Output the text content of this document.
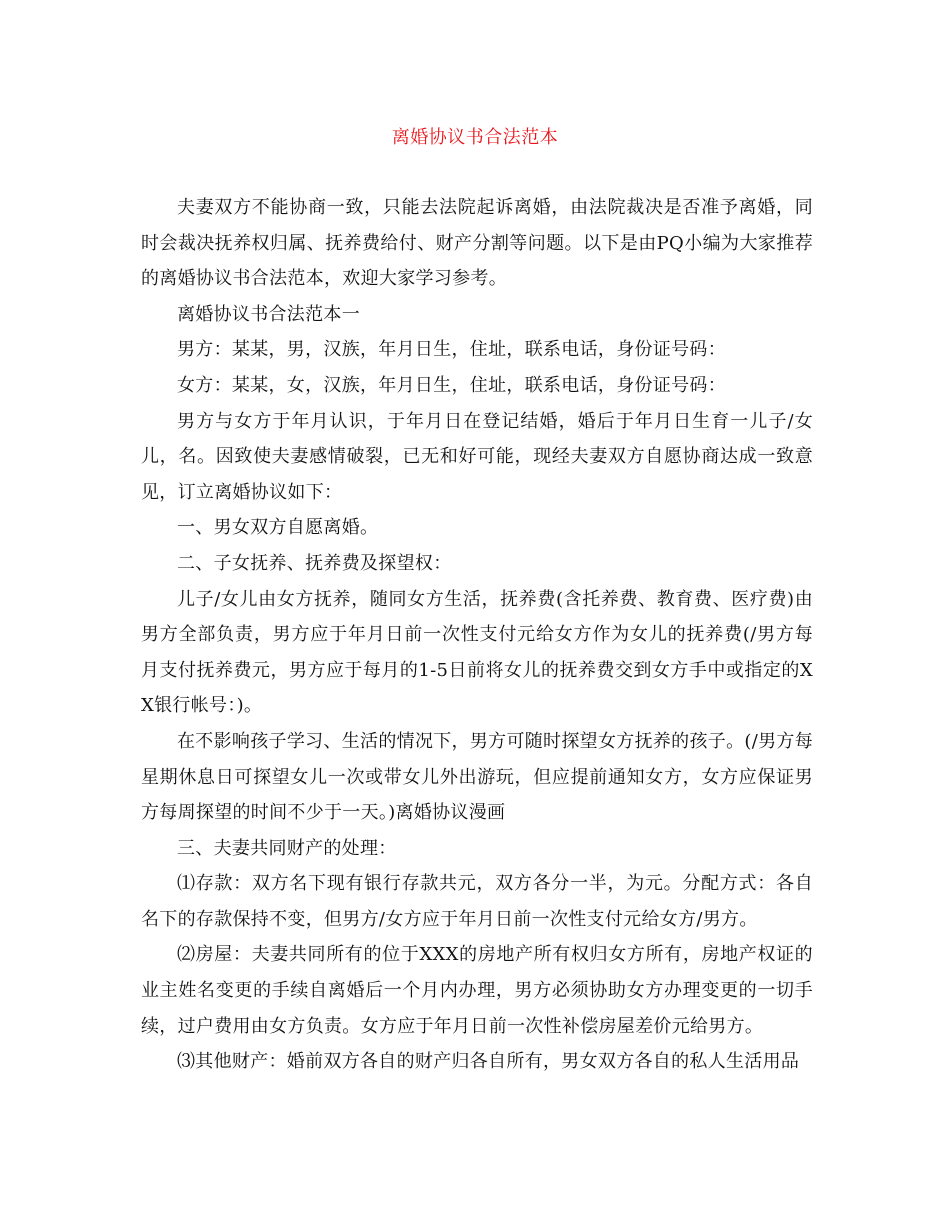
离婚协议书合法范本

夫妻双方不能协商一致，只能去法院起诉离婚，由法院裁决是否准予离婚，同时会裁决抚养权归属、抚养费给付、财产分割等问题。以下是由PQ小编为大家推荐的离婚协议书合法范本，欢迎大家学习参考。

离婚协议书合法范本一

男方：某某，男，汉族，年月日生，住址，联系电话，身份证号码：

女方：某某，女，汉族，年月日生，住址，联系电话，身份证号码：

男方与女方于年月认识，于年月日在登记结婚，婚后于年月日生育一儿子/女儿，名。因致使夫妻感情破裂，已无和好可能，现经夫妻双方自愿协商达成一致意见，订立离婚协议如下：

一、男女双方自愿离婚。

二、子女抚养、抚养费及探望权：

儿子/女儿由女方抚养，随同女方生活，抚养费(含托养费、教育费、医疗费)由男方全部负责，男方应于年月日前一次性支付元给女方作为女儿的抚养费(/男方每月支付抚养费元，男方应于每月的1-5日前将女儿的抚养费交到女方手中或指定的XX银行帐号：)。

在不影响孩子学习、生活的情况下，男方可随时探望女方抚养的孩子。(/男方每星期休息日可探望女儿一次或带女儿外出游玩，但应提前通知女方，女方应保证男方每周探望的时间不少于一天。)离婚协议漫画

三、夫妻共同财产的处理：

⑴存款：双方名下现有银行存款共元，双方各分一半，为元。分配方式：各自名下的存款保持不变，但男方/女方应于年月日前一次性支付元给女方/男方。

⑵房屋：夫妻共同所有的位于XXX的房地产所有权归女方所有，房地产权证的业主姓名变更的手续自离婚后一个月内办理，男方必须协助女方办理变更的一切手续，过户费用由女方负责。女方应于年月日前一次性补偿房屋差价元给男方。

⑶其他财产：婚前双方各自的财产归各自所有，男女双方各自的私人生活用品
